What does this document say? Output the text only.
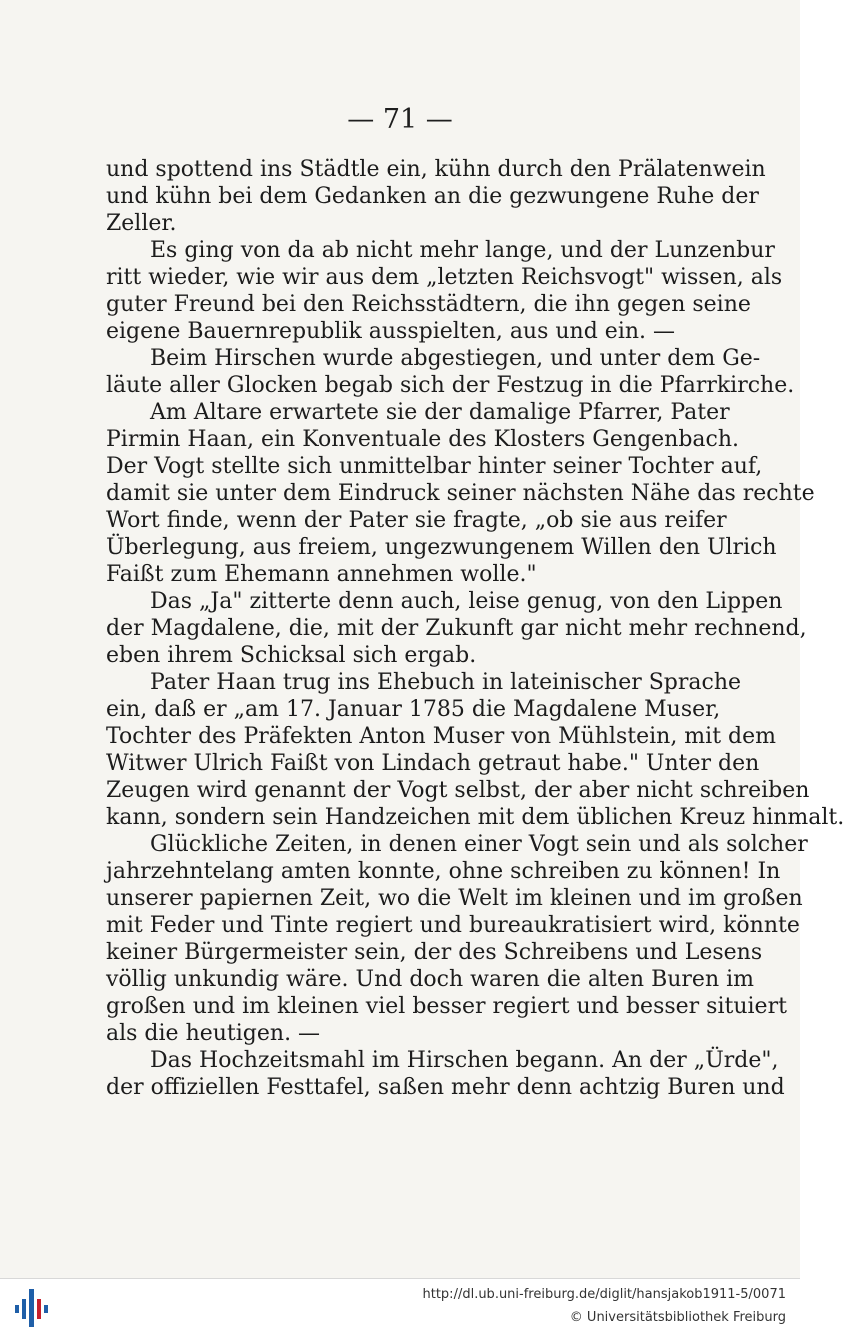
— 71 —
und spottend ins Städtle ein, kühn durch den Prälatenwein
und kühn bei dem Gedanken an die gezwungene Ruhe der
Zeller.
Es ging von da ab nicht mehr lange, und der Lunzenbur
ritt wieder, wie wir aus dem „letzten Reichsvogt" wissen, als
guter Freund bei den Reichsstädtern, die ihn gegen seine
eigene Bauernrepublik ausspielten, aus und ein. —
Beim Hirschen wurde abgestiegen, und unter dem Ge-
läute aller Glocken begab sich der Festzug in die Pfarrkirche.
Am Altare erwartete sie der damalige Pfarrer, Pater
Pirmin Haan, ein Konventuale des Klosters Gengenbach.
Der Vogt stellte sich unmittelbar hinter seiner Tochter auf,
damit sie unter dem Eindruck seiner nächsten Nähe das rechte
Wort finde, wenn der Pater sie fragte, „ob sie aus reifer
Überlegung, aus freiem, ungezwungenem Willen den Ulrich
Faißt zum Ehemann annehmen wolle."
Das „Ja" zitterte denn auch, leise genug, von den Lippen
der Magdalene, die, mit der Zukunft gar nicht mehr rechnend,
eben ihrem Schicksal sich ergab.
Pater Haan trug ins Ehebuch in lateinischer Sprache
ein, daß er „am 17. Januar 1785 die Magdalene Muser,
Tochter des Präfekten Anton Muser von Mühlstein, mit dem
Witwer Ulrich Faißt von Lindach getraut habe." Unter den
Zeugen wird genannt der Vogt selbst, der aber nicht schreiben
kann, sondern sein Handzeichen mit dem üblichen Kreuz hinmalt.
Glückliche Zeiten, in denen einer Vogt sein und als solcher
jahrzehntelang amten konnte, ohne schreiben zu können! In
unserer papiernen Zeit, wo die Welt im kleinen und im großen
mit Feder und Tinte regiert und bureaukratisiert wird, könnte
keiner Bürgermeister sein, der des Schreibens und Lesens
völlig unkundig wäre. Und doch waren die alten Buren im
großen und im kleinen viel besser regiert und besser situiert
als die heutigen. —
Das Hochzeitsmahl im Hirschen begann. An der „Ürde",
der offiziellen Festtafel, saßen mehr denn achtzig Buren und
http://dl.ub.uni-freiburg.de/diglit/hansjakob1911-5/0071
© Universitätsbibliothek Freiburg
